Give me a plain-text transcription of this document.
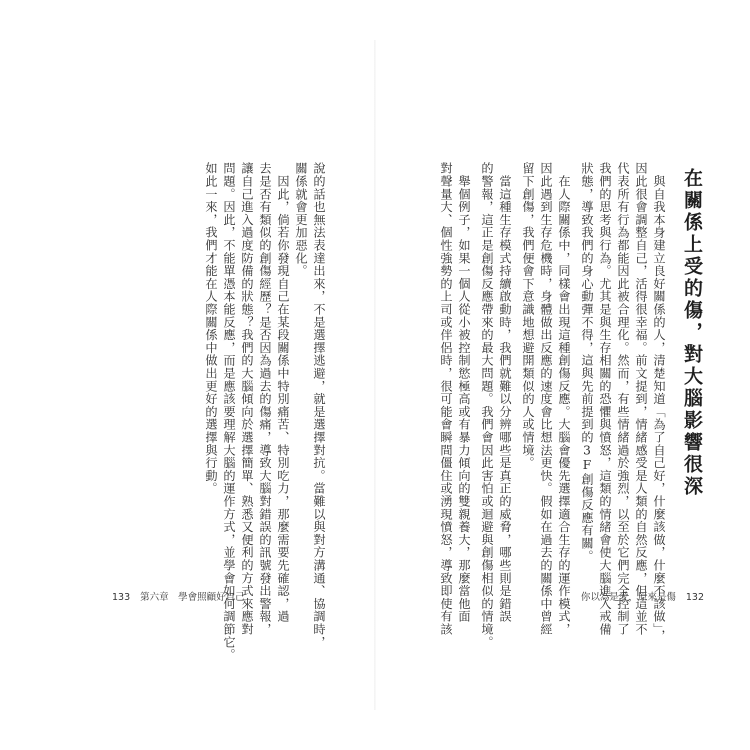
說的話也無法表達出來，不是選擇逃避，就是選擇對抗。當難以與對方溝通、協調時，
關係就會更加惡化。
　因此，倘若你發現自己在某段關係中特別痛苦、特別吃力，那麼需要先確認，過
去是否有類似的創傷經歷？是否因為過去的傷痛，導致大腦對錯誤的訊號發出警報，
讓自己進入過度防備的狀態？我們的大腦傾向於選擇簡單、熟悉又便利的方式來應對
問題。因此，不能單憑本能反應，而是應該要理解大腦的運作方式，並學會如何調節它。
如此一來，我們才能在人際關係中做出更好的選擇與行動。
133 第六章　學會照顧好自己
在關係上受的傷，對大腦影響很深
　與自我本身建立良好關係的人，清楚知道「為了自己好，什麼該做，什麼不該做」，
因此很會調整自己，活得很幸福。前文提到，情緒感受是人類的自然反應，但這並不
代表所有行為都能因此被合理化。然而，有些情緒過於強烈，以至於它們完全控制了
我們的思考與行為。尤其是與生存相關的恐懼與憤怒，這類的情緒會使大腦進入戒備
狀態，導致我們的身心動彈不得，這與先前提到的3F創傷反應有關。
　在人際關係中，同樣會出現這種創傷反應。大腦會優先選擇適合生存的運作模式，
因此遇到生存危機時，身體做出反應的速度會比想法更快。假如在過去的關係中曾經
留下創傷，我們便會下意識地想避開類似的人或情境。
　當這種生存模式持續啟動時，我們就難以分辨哪些是真正的威脅，哪些則是錯誤
的警報，這正是創傷反應帶來的最大問題。我們會因此害怕或迴避與創傷相似的情境。
　舉個例子，如果一個人從小被控制慾極高或有暴力傾向的雙親養大，那麼當他面
對聲量大、個性強勢的上司或伴侶時，很可能會瞬間僵住或湧現憤怒，導致即使有該	你以為是愛，原來是傷 132
